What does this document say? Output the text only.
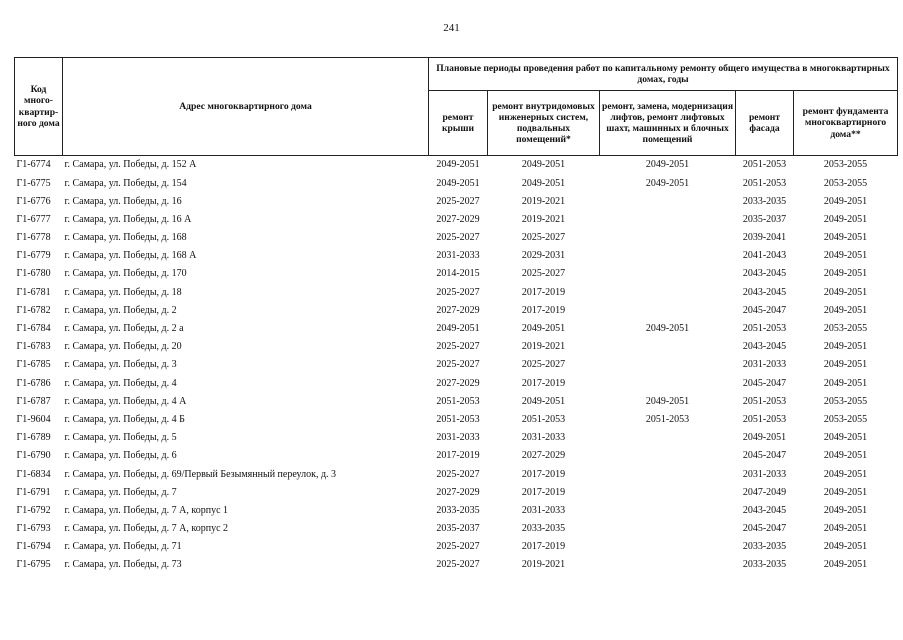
241
Код много-квартир-ного дома	Адрес многоквартирного дома	Плановые периоды проведения работ по капитальному ремонту общего имущества в многоквартирных домах, годы				
		ремонт крыши	ремонт внутридомовых инженерных систем, подвальных помещений*	ремонт, замена, модернизация лифтов, ремонт лифтовых шахт, машинных и блочных помещений	ремонт фасада	ремонт фундамента многоквартирного дома**
Г1-6774	г. Самара, ул. Победы, д. 152 А	2049-2051	2049-2051	2049-2051	2051-2053	2053-2055
Г1-6775	г. Самара, ул. Победы, д. 154	2049-2051	2049-2051	2049-2051	2051-2053	2053-2055
Г1-6776	г. Самара, ул. Победы, д. 16	2025-2027	2019-2021		2033-2035	2049-2051
Г1-6777	г. Самара, ул. Победы, д. 16 А	2027-2029	2019-2021		2035-2037	2049-2051
Г1-6778	г. Самара, ул. Победы, д. 168	2025-2027	2025-2027		2039-2041	2049-2051
Г1-6779	г. Самара, ул. Победы, д. 168 А	2031-2033	2029-2031		2041-2043	2049-2051
Г1-6780	г. Самара, ул. Победы, д. 170	2014-2015	2025-2027		2043-2045	2049-2051
Г1-6781	г. Самара, ул. Победы, д. 18	2025-2027	2017-2019		2043-2045	2049-2051
Г1-6782	г. Самара, ул. Победы, д. 2	2027-2029	2017-2019		2045-2047	2049-2051
Г1-6784	г. Самара, ул. Победы, д. 2 а	2049-2051	2049-2051	2049-2051	2051-2053	2053-2055
Г1-6783	г. Самара, ул. Победы, д. 20	2025-2027	2019-2021		2043-2045	2049-2051
Г1-6785	г. Самара, ул. Победы, д. 3	2025-2027	2025-2027		2031-2033	2049-2051
Г1-6786	г. Самара, ул. Победы, д. 4	2027-2029	2017-2019		2045-2047	2049-2051
Г1-6787	г. Самара, ул. Победы, д. 4 А	2051-2053	2049-2051	2049-2051	2051-2053	2053-2055
Г1-9604	г. Самара, ул. Победы, д. 4 Б	2051-2053	2051-2053	2051-2053	2051-2053	2053-2055
Г1-6789	г. Самара, ул. Победы, д. 5	2031-2033	2031-2033		2049-2051	2049-2051
Г1-6790	г. Самара, ул. Победы, д. 6	2017-2019	2027-2029		2045-2047	2049-2051
Г1-6834	г. Самара, ул. Победы, д. 69/Первый Безымянный переулок, д. 3	2025-2027	2017-2019		2031-2033	2049-2051
Г1-6791	г. Самара, ул. Победы, д. 7	2027-2029	2017-2019		2047-2049	2049-2051
Г1-6792	г. Самара, ул. Победы, д. 7 А, корпус 1	2033-2035	2031-2033		2043-2045	2049-2051
Г1-6793	г. Самара, ул. Победы, д. 7 А, корпус 2	2035-2037	2033-2035		2045-2047	2049-2051
Г1-6794	г. Самара, ул. Победы, д. 71	2025-2027	2017-2019		2033-2035	2049-2051
Г1-6795	г. Самара, ул. Победы, д. 73	2025-2027	2019-2021		2033-2035	2049-2051
